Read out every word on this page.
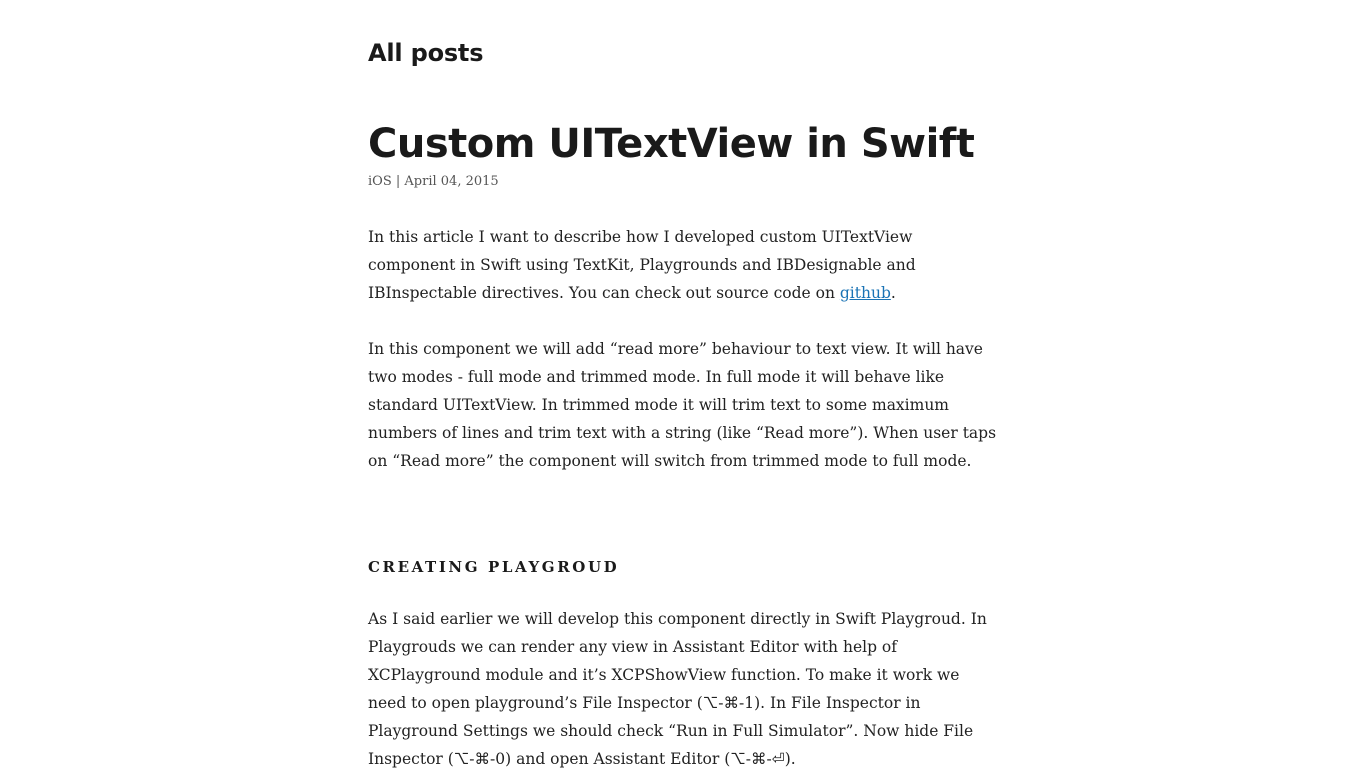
All posts
Custom UITextView in Swift
iOS | April 04, 2015

In this article I want to describe how I developed custom UITextView component in Swift using TextKit, Playgrounds and IBDesignable and IBInspectable directives. You can check out source code on github.

In this component we will add “read more” behaviour to text view. It will have two modes - full mode and trimmed mode. In full mode it will behave like standard UITextView. In trimmed mode it will trim text to some maximum numbers of lines and trim text with a string (like “Read more”). When user taps on “Read more” the component will switch from trimmed mode to full mode.

CREATING PLAYGROUD

As I said earlier we will develop this component directly in Swift Playgroud. In Playgrouds we can render any view in Assistant Editor with help of XCPlayground module and it’s XCPShowView function. To make it work we need to open playground’s File Inspector (⌥-⌘-1). In File Inspector in Playground Settings we should check “Run in Full Simulator”. Now hide File Inspector (⌥-⌘-0) and open Assistant Editor (⌥-⌘-⏎).
